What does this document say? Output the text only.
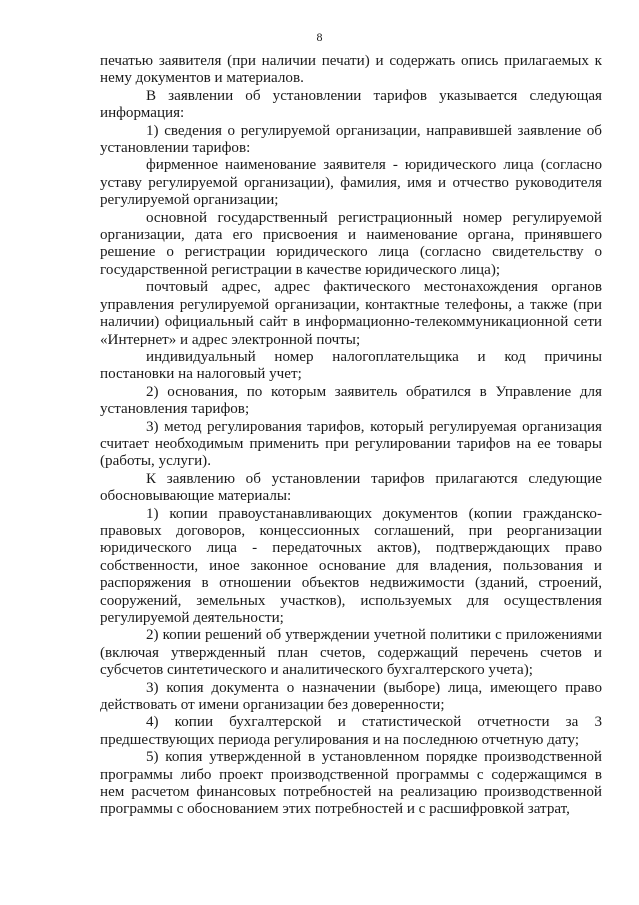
8

печатью заявителя (при наличии печати) и содержать опись прилагаемых к нему документов и материалов.

В заявлении об установлении тарифов указывается следующая информация:

1) сведения о регулируемой организации, направившей заявление об установлении тарифов:

фирменное наименование заявителя - юридического лица (согласно уставу регулируемой организации), фамилия, имя и отчество руководителя регулируемой организации;

основной государственный регистрационный номер регулируемой организации, дата его присвоения и наименование органа, принявшего решение о регистрации юридического лица (согласно свидетельству о государственной регистрации в качестве юридического лица);

почтовый адрес, адрес фактического местонахождения органов управления регулируемой организации, контактные телефоны, а также (при наличии) официальный сайт в информационно-телекоммуникационной сети «Интернет» и адрес электронной почты;

индивидуальный номер налогоплательщика и код причины постановки на налоговый учет;

2) основания, по которым заявитель обратился в Управление для установления тарифов;

3) метод регулирования тарифов, который регулируемая организация считает необходимым применить при регулировании тарифов на ее товары (работы, услуги).

К заявлению об установлении тарифов прилагаются следующие обосновывающие материалы:

1) копии правоустанавливающих документов (копии гражданско-правовых договоров, концессионных соглашений, при реорганизации юридического лица - передаточных актов), подтверждающих право собственности, иное законное основание для владения, пользования и распоряжения в отношении объектов недвижимости (зданий, строений, сооружений, земельных участков), используемых для осуществления регулируемой деятельности;

2) копии решений об утверждении учетной политики с приложениями (включая утвержденный план счетов, содержащий перечень счетов и субсчетов синтетического и аналитического бухгалтерского учета);

3) копия документа о назначении (выборе) лица, имеющего право действовать от имени организации без доверенности;

4) копии бухгалтерской и статистической отчетности за 3 предшествующих периода регулирования и на последнюю отчетную дату;

5) копия утвержденной в установленном порядке производственной программы либо проект производственной программы с содержащимся в нем расчетом финансовых потребностей на реализацию производственной программы с обоснованием этих потребностей и с расшифровкой затрат,
